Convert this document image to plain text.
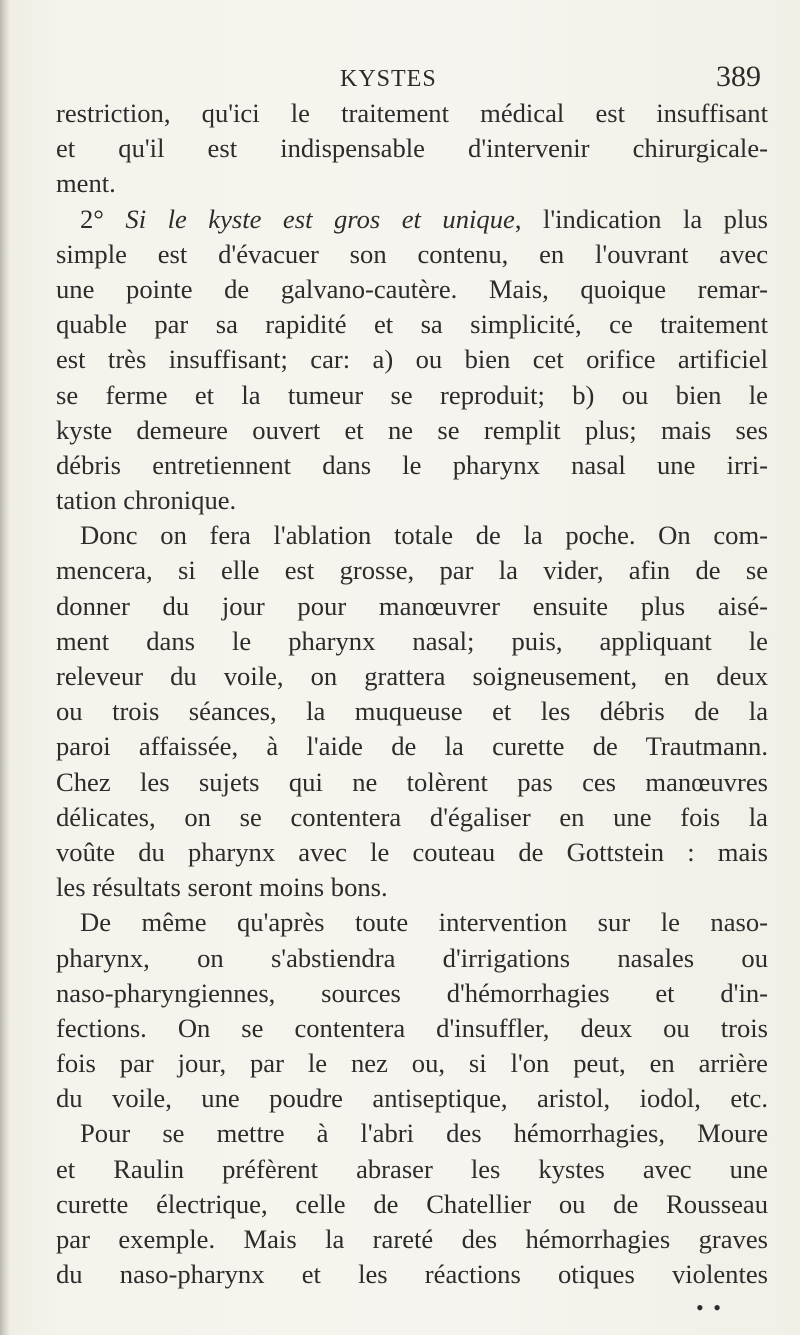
KYSTES	389
restriction, qu'ici le traitement médical est insuffisant
et qu'il est indispensable d'intervenir chirurgicale-
ment.
2° Si le kyste est gros et unique, l'indication la plus
simple est d'évacuer son contenu, en l'ouvrant avec
une pointe de galvano-cautère. Mais, quoique remar-
quable par sa rapidité et sa simplicité, ce traitement
est très insuffisant; car: a) ou bien cet orifice artificiel
se ferme et la tumeur se reproduit; b) ou bien le
kyste demeure ouvert et ne se remplit plus; mais ses
débris entretiennent dans le pharynx nasal une irri-
tation chronique.
Donc on fera l'ablation totale de la poche. On com-
mencera, si elle est grosse, par la vider, afin de se
donner du jour pour manœuvrer ensuite plus aisé-
ment dans le pharynx nasal; puis, appliquant le
releveur du voile, on grattera soigneusement, en deux
ou trois séances, la muqueuse et les débris de la
paroi affaissée, à l'aide de la curette de Trautmann.
Chez les sujets qui ne tolèrent pas ces manœuvres
délicates, on se contentera d'égaliser en une fois la
voûte du pharynx avec le couteau de Gottstein : mais
les résultats seront moins bons.
De même qu'après toute intervention sur le naso-
pharynx, on s'abstiendra d'irrigations nasales ou
naso-pharyngiennes, sources d'hémorrhagies et d'in-
fections. On se contentera d'insuffler, deux ou trois
fois par jour, par le nez ou, si l'on peut, en arrière
du voile, une poudre antiseptique, aristol, iodol, etc.
Pour se mettre à l'abri des hémorrhagies, Moure
et Raulin préfèrent abraser les kystes avec une
curette électrique, celle de Chatellier ou de Rousseau
par exemple. Mais la rareté des hémorrhagies graves
du naso-pharynx et les réactions otiques violentes
• •
